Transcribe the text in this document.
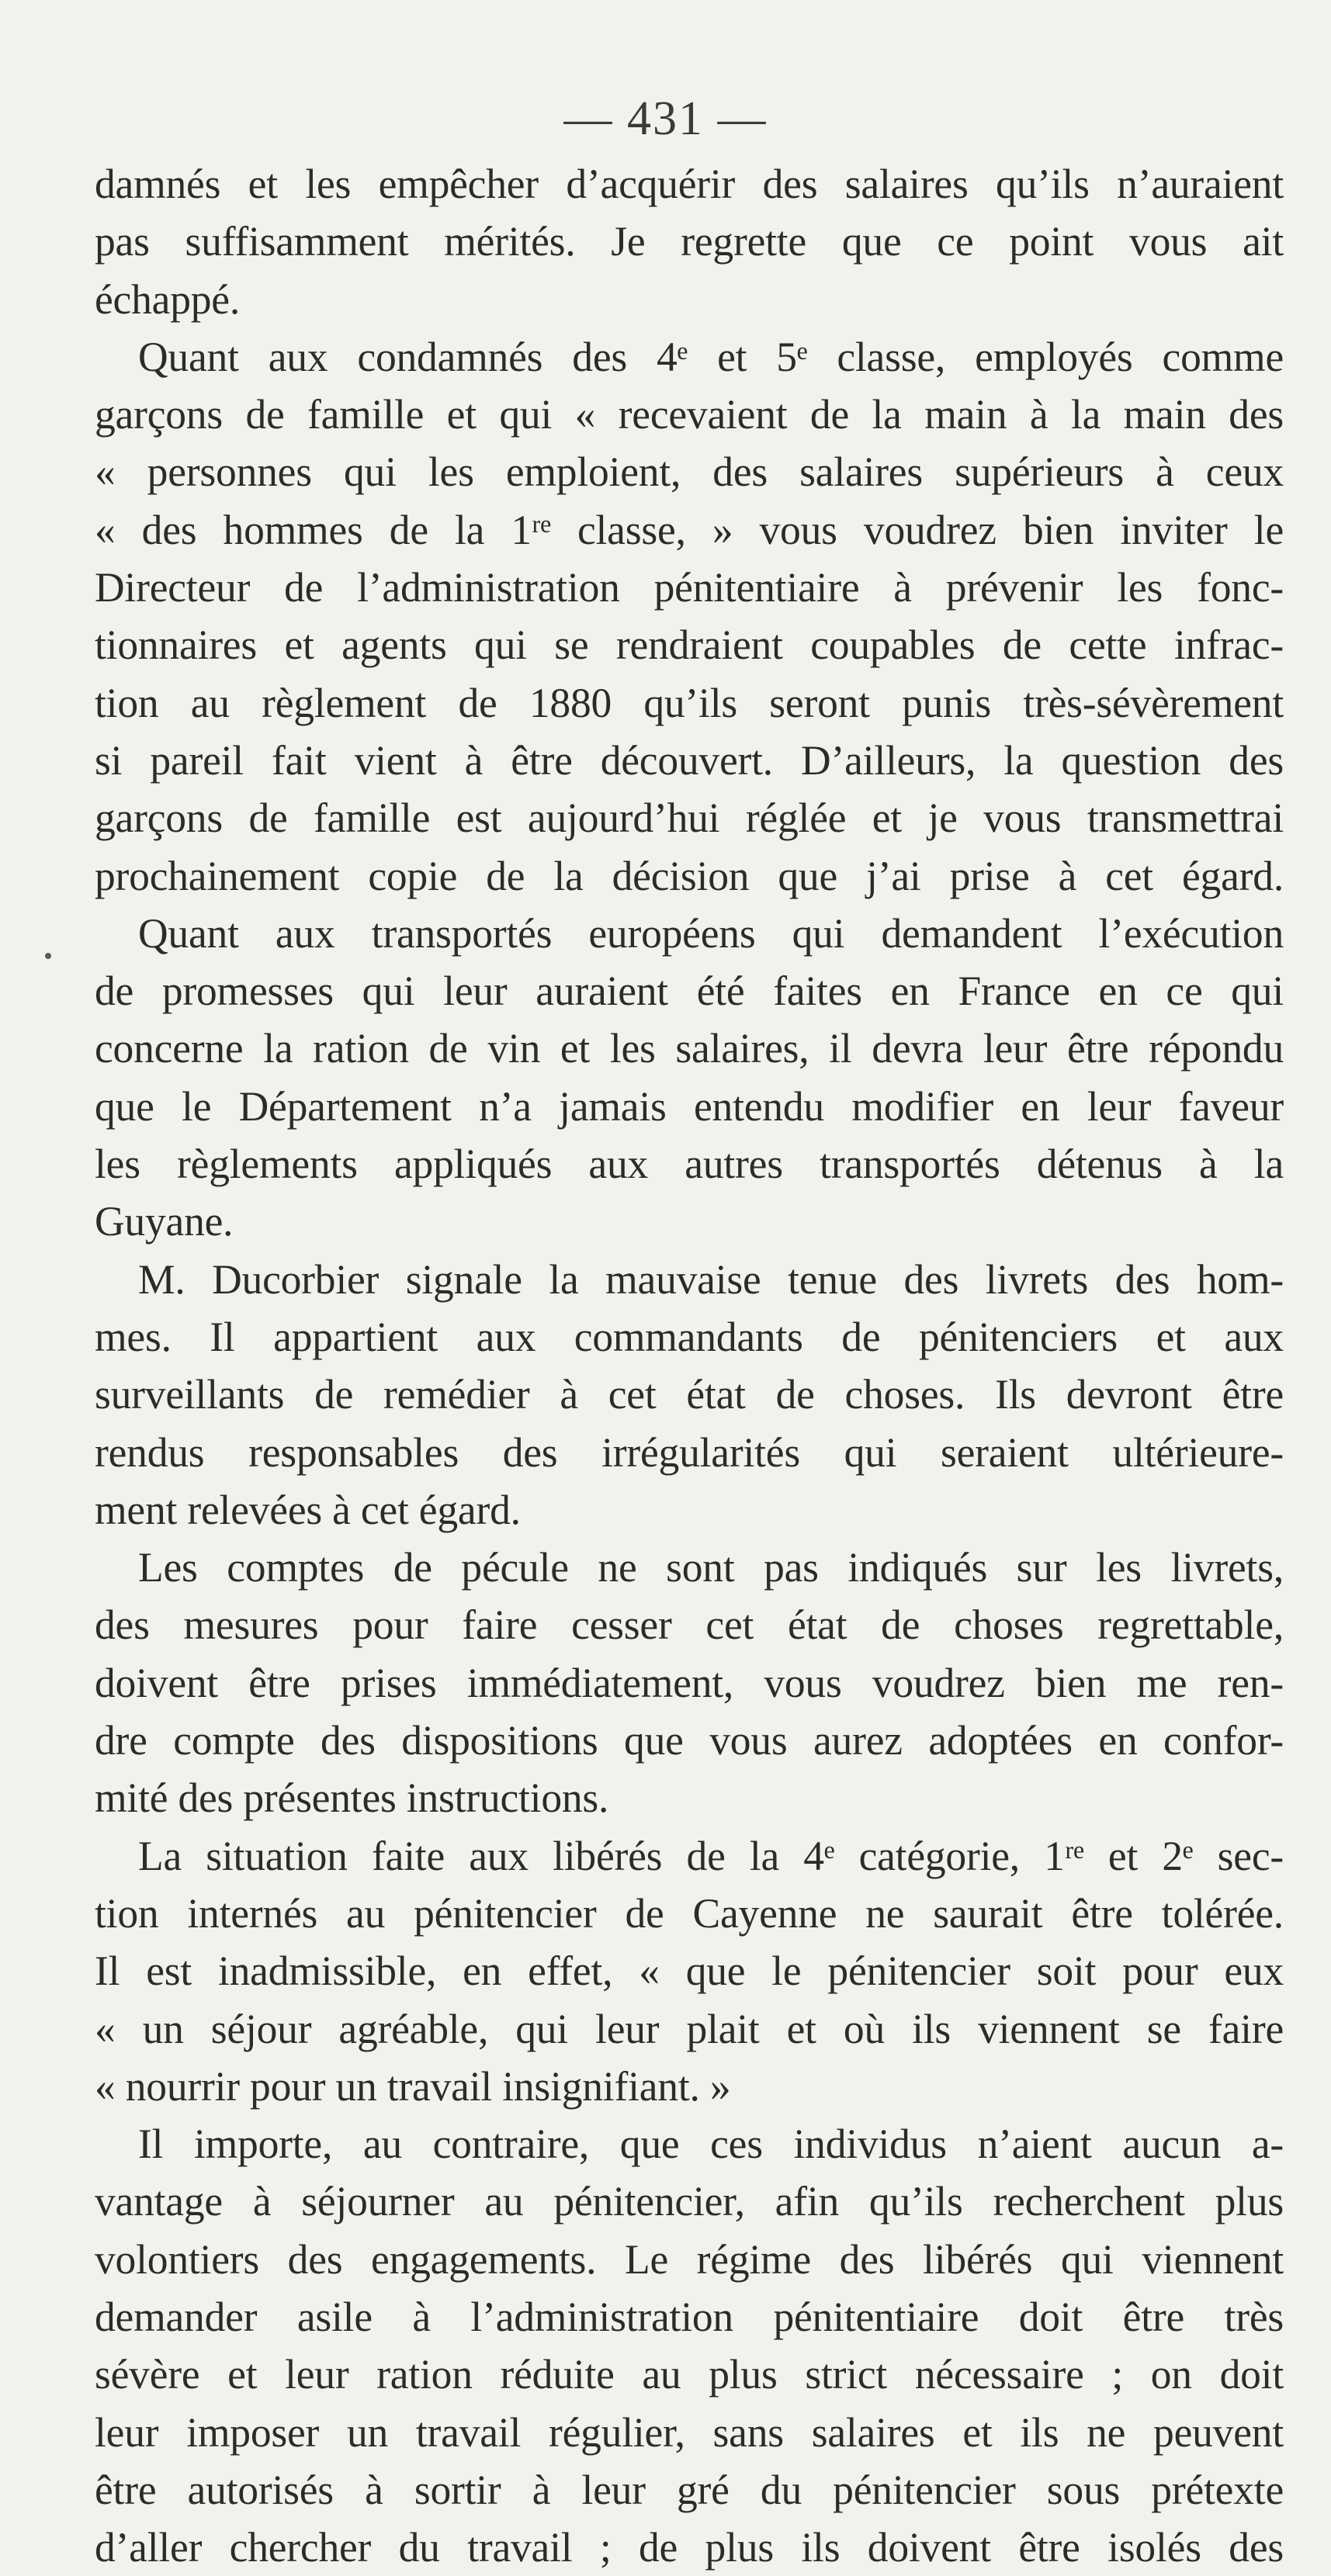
— 431 —
damnés et les empêcher d’acquérir des salaires qu’ils n’auraient
pas suffisamment mérités. Je regrette que ce point vous ait
échappé.
Quant aux condamnés des 4ᵉ et 5ᵉ classe, employés comme
garçons de famille et qui « recevaient de la main à la main des
« personnes qui les emploient, des salaires supérieurs à ceux
« des hommes de la 1ʳᵉ classe, » vous voudrez bien inviter le
Directeur de l’administration pénitentiaire à prévenir les fonc-
tionnaires et agents qui se rendraient coupables de cette infrac-
tion au règlement de 1880 qu’ils seront punis très-sévèrement
si pareil fait vient à être découvert. D’ailleurs, la question des
garçons de famille est aujourd’hui réglée et je vous transmettrai
prochainement copie de la décision que j’ai prise à cet égard.
Quant aux transportés européens qui demandent l’exécution
de promesses qui leur auraient été faites en France en ce qui
concerne la ration de vin et les salaires, il devra leur être répondu
que le Département n’a jamais entendu modifier en leur faveur
les règlements appliqués aux autres transportés détenus à la
Guyane.
M. Ducorbier signale la mauvaise tenue des livrets des hom-
mes. Il appartient aux commandants de pénitenciers et aux
surveillants de remédier à cet état de choses. Ils devront être
rendus responsables des irrégularités qui seraient ultérieure-
ment relevées à cet égard.
Les comptes de pécule ne sont pas indiqués sur les livrets,
des mesures pour faire cesser cet état de choses regrettable,
doivent être prises immédiatement, vous voudrez bien me ren-
dre compte des dispositions que vous aurez adoptées en confor-
mité des présentes instructions.
La situation faite aux libérés de la 4ᵉ catégorie, 1ʳᵉ et 2ᵉ sec-
tion internés au pénitencier de Cayenne ne saurait être tolérée.
Il est inadmissible, en effet, « que le pénitencier soit pour eux
« un séjour agréable, qui leur plait et où ils viennent se faire
« nourrir pour un travail insignifiant. »
Il importe, au contraire, que ces individus n’aient aucun a-
vantage à séjourner au pénitencier, afin qu’ils recherchent plus
volontiers des engagements. Le régime des libérés qui viennent
demander asile à l’administration pénitentiaire doit être très
sévère et leur ration réduite au plus strict nécessaire ; on doit
leur imposer un travail régulier, sans salaires et ils ne peuvent
être autorisés à sortir à leur gré du pénitencier sous prétexte
d’aller chercher du travail ; de plus ils doivent être isolés des
